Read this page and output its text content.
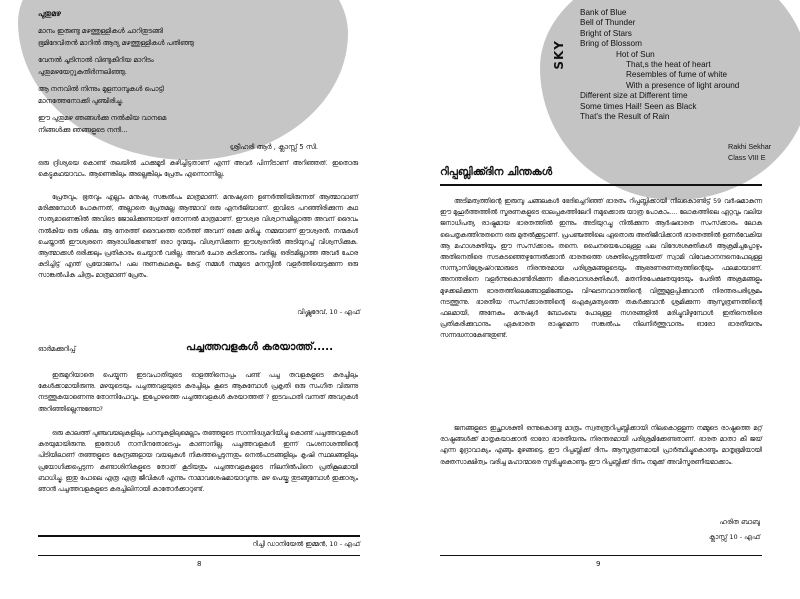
പുതുമഴ
മാനം ഇരുണ്ടു മഴത്തുള്ളികൾ ചാറിതുടങ്ങി
ഭൂമിദേവിതൻ മാറിൽ ആദ്യ മഴത്തുള്ളികൾ പതിഞ്ഞു
വേനൽ ചൂടിനാൽ വിണ്ടുകീറിയ മാറിടം
പുതുമഴയേറ്റുകുതിർന്നലിഞ്ഞു.
ആ നനവിൽ നിന്നും മുളനാമ്പുകൾ പൊട്ടി
മാനത്തേനോക്കി പുഞ്ചിരിച്ചു.
ഈ പുതുമഴ ഞങ്ങൾക്കു നൽകിയ വാനമെ
നിങ്ങൾക്കു ഞങ്ങളുടെ നന്ദി...
ശ്രീഹരി ആർ , ക്ലാസ്സ് 5 സി.

ഒരു ദ്രിശ്യയെ കൊണ്ട് തലയിൽ ചാക്കുമൂടി കുഴിച്ചിട്ടതാണ് എന്ന് അവർ പിന്നീടാണ് അറിഞ്ഞത്. ഇതൊരു കെട്ടുകഥയാവാം. ആണെങ്കിലും അല്ലെങ്കിലും പ്രേതം എന്നൊന്നില്ല.

പ്രേതവും, ഭൂതവും എല്ലാം മനുഷ്യ സങ്കൽപം മാത്രമാണ്. മനുഷ്യനെ ഉണർത്തിയിരുന്നത് ആത്മാവാണ് മരിക്കുമ്പോൾ പോകുന്നത്, അല്ലാതെ പ്രേതമല്ല ആത്മാവ് ഒരു എനർജിയാണ്. ഇവിടെ പറഞ്ഞിരിക്കുന്ന കഥ സത്യമാണെങ്കിൽ അവിടെ ജോലിക്കുണ്ടായത് തോന്നൽ മാത്രമാണ്. ഈശ്വര വിശ്വാസമില്ലാത്ത അവന് ദൈവം നൽകിയ ഒരു ശിക്ഷ. ആ നേരത്ത് ദൈവത്തെ ഓർത്ത് അവന് ഒക്കേ മരിച്ചു. നമ്മയാണ് ഈശ്വരൻ. നന്മകൾ ചെയ്താൽ ഈശ്വരനെ ആരാധിക്കേണ്ടത് ഒരാ ദുന്മയും വിശ്വസിക്കുന്ന ഈശ്വരനിൽ അടിയുറച്ച് വിശ്വസിക്കുക. ആത്മാക്കൾ ഒരിക്കലും പ്രതികാരം ചെയ്യാൻ വരില്ല. അവർ ചോര കുടിക്കാനും വരില്ല. ഒരിടമില്ലാത്ത അവർ ചോര കുടിച്ചിട്ട് എന്ത് പ്രയോജനം! പല നുണകഥകളും കേട്ട് നമ്മൾ നമ്മുടെ മനസ്സിൽ വളർത്തിയെടുക്കുന്ന ഒരു സാങ്കൽപിക ചിത്രം മാത്രമാണ് പ്രേതം.

വിഷ്ണുദേവ്, 10 - എഫ്
ഓർമക്കുറിപ്പ്	പച്ചത്തവളകൾ കരയാത്ത്.....

ഇരുമുറിയാതെ പെയ്യുന്ന ഇടവപാതിയുടെ ഓളത്തിനൊപ്പം പണ്ട് പച്ച തവളകളുടെ കരച്ചിലും കേൾക്കാമായിരുന്നു. മഴയുടെയും പച്ചത്തവളയുടെ കരച്ചിലും കൂടെ ആകുമ്പോൾ പ്രകൃതി ഒരു സംഗീത വിരുന്നു നടത്തുകയാണെന്നു തോന്നിപോവും. ഇപ്പോഴത്തെ പച്ചത്തവളകൾ കരയാത്തത്‌ ? ഇടവപാതി വന്നത് അവറ്റകൾ അറിഞ്ഞില്ലെന്നുണ്ടോ?

ഒരു കാലത്ത് പുഞ്ചവയലുകളിലും പറമ്പുകളിലുമെല്ലാം തഞ്ഞളുടെ സാന്നിദ്ധ്യമറിയിച്ചു കൊണ്ട് പച്ചത്തവളകൾ കരയുമായിരുന്നു. ഇതോൾ നാസീനതോടെപ്പം കാണാനില്ല. പച്ചത്തവളകൾ ഇന്ന് വംശനാശത്തിന്റെ പിടിയിലാണ് തഞ്ഞളുടെ കേന്ദ്രങ്ങളായ വയലുകൾ നികത്തപ്പെടുന്നതും നെൽപാടങ്ങളിലും കൃഷി സ്ഥലങ്ങളിലും പ്രയോഗിക്കപ്പെടുന്ന കണ്ടാശിനികളുടെ തോത് കൂടിയതും പച്ചത്തവളകളുടെ നിലനിൽപിനെ പ്രതികൂലമായി ബാധിച്ചു. ഇതു പോലെ എത്ര എത്ര ജീവികൾ എന്നും നാമാവശേഷമായാവുന്നു. മഴ പെയ്തു തുടങ്ങുമ്പോൾ ഇക്കാര്യം ഞാൻ പച്ചത്തവളകളുടെ കരച്ചിലിനായി കാതോർക്കാറുണ്ട്.

റിച്ചി ഡാനിയേൽ ഇമ്മൻ, 10 - എഫ്
8
SKY
Bank of Blue
Bell of Thunder
Bright of Stars
Bring of Blossom
Hot of Sun
That,s the heat of heart
Resembles of fume of white
With a presence of light around
Different size at Different time
Some times Hail! Seen as Black
That's the Result of Rain
Rakhi Sekhar
Class VIII E
റിപ്പബ്ലിക്ക്ദിന ചിന്തകൾ

അടിമത്വത്തിന്റെ ഇരുമ്പു ചങ്ങലകൾ ഭേദിച്ചെറിഞ്ഞ് ഭാരതം റിപ്പബ്ലിക്കായി നിലകൊണ്ടിട്ട് 59 വർഷമാകുന്ന ഈ മുഹൂർത്തത്തിൽ സ്മരണകളുടെ ഓലപ്പകത്തിലേറി നമുക്കൊരു യാത്ര പോകാം.... ലോകത്തിലെ ഏറ്റവും വലിയ ജനാധിപത്യ രാഷ്ട്രമായ ഭാരതത്തിൽ ഇന്നും അടിയുറച്ചു നിൽക്കുന്ന ആർഷഭാരത സംസ്‌ക്കാരം ലോക പൈതൃകത്തിനുതന്നെ ഒരു മുതൽക്കൂട്ടാണ്. പ്രപഞ്ചത്തിലെ ഏതൊരു അതിജീവിക്കാൻ ഭാരതത്തിൽ ഉണർവേകിയ ആ മഹാശക്തിയും ഈ സംസ്‌ക്കാരം തന്നെ. ചൈനയെപോലുള്ള പല വിദേശശക്തികൾ ആക്രമിച്ചപ്പോഴും അതിനെതിരെ സടകുടഞ്ഞെഴുന്നേൽക്കാൻ ഭാരതത്തെ ശക്തിപ്പെടുത്തിയത് സ്വാമി വിവേകാനന്ദനെപോലുള്ള സന്ന്യാസിശ്രേഷ്‌ഠന്മാരുടെ നിരന്തരമായ പരിശ്രമങ്ങളുടെയും ആഭരണരണത്വത്തിന്റെയും ഫലമായാണ്. അനന്തരിനെ വളർന്നുകൊണ്ടിരിക്കുന്ന ഭീകരവാദശക്തികൾ, മതനിരപേക്ഷതയുടേയും പേരിൽ അക്രമങ്ങളും മുഴക്കലിക്കുന്ന ഭാരതത്തിലെങ്ങോളമിങ്ങോളം വിഘടനവാദത്തിന്റെ വിത്തുമുളപ്പിക്കുവാൻ നിരന്തരപരിശ്രമം നടത്തുന്നു. ഭാരതീയ സംസ്‌ക്കാരത്തിന്റെ ഐക്യമത്യത്തെ തകർക്കുവാൻ ശ്രമിക്കുന്ന ആസൂത്രണത്തിന്റെ ഫലമായി, അനേകം മനുഷ്യർ ബോംബെ പോലുള്ള നഗരങ്ങളിൽ മരിച്ചുവീഴുമ്പോൾ ഇതിനെതിരെ പ്രതികരിക്കുവാനും ഏകഭാരത രാഷ്ട്രമെന്ന സങ്കൽപം നിലനിർത്തുവാനും ഓരോ ഭാരതീയനും സന്നദ്ധനാകേണ്ടതുണ്ട്.

ജനങ്ങളുടെ ഇച്ഛാശക്തി ഒന്നുകൊണ്ടു മാത്രം സ്വതന്ത്രറിപ്പബ്ലിക്കായി നിലകൊള്ളുന്ന നമ്മുടെ രാഷ്ട്രത്തെ മറ്റ് രാഷ്ട്രങ്ങൾക്ക് മാതൃകയാക്കാൻ ഓരോ ഭാരതീയനും നിരന്തരമായി പരിശ്രമിക്കേണ്ടതാണ്. ഭാരത മാതാ കീ ജയ് എന്ന മുദ്രാവാക്യം എങ്ങും മുഴങ്ങട്ടെ. ഈ റിപ്പബ്ലിക്ക് ദിനം ആസൂത്രണമായി പ്രാർത്ഥിച്ചുകൊണ്ടും മാതൃഭൂമിയായി രക്തസാക്ഷിത്വം വരിച്ച മഹാന്മാരെ സ്മരിച്ചുകൊണ്ടും ഈ റിപ്പബ്ലിക്ക് ദിനം നമുക്ക് അവിസ്മരണീയമാക്കാം.

ഹരിത ബാബു
ക്ലാസ്സ് 10 - എഫ്
9
